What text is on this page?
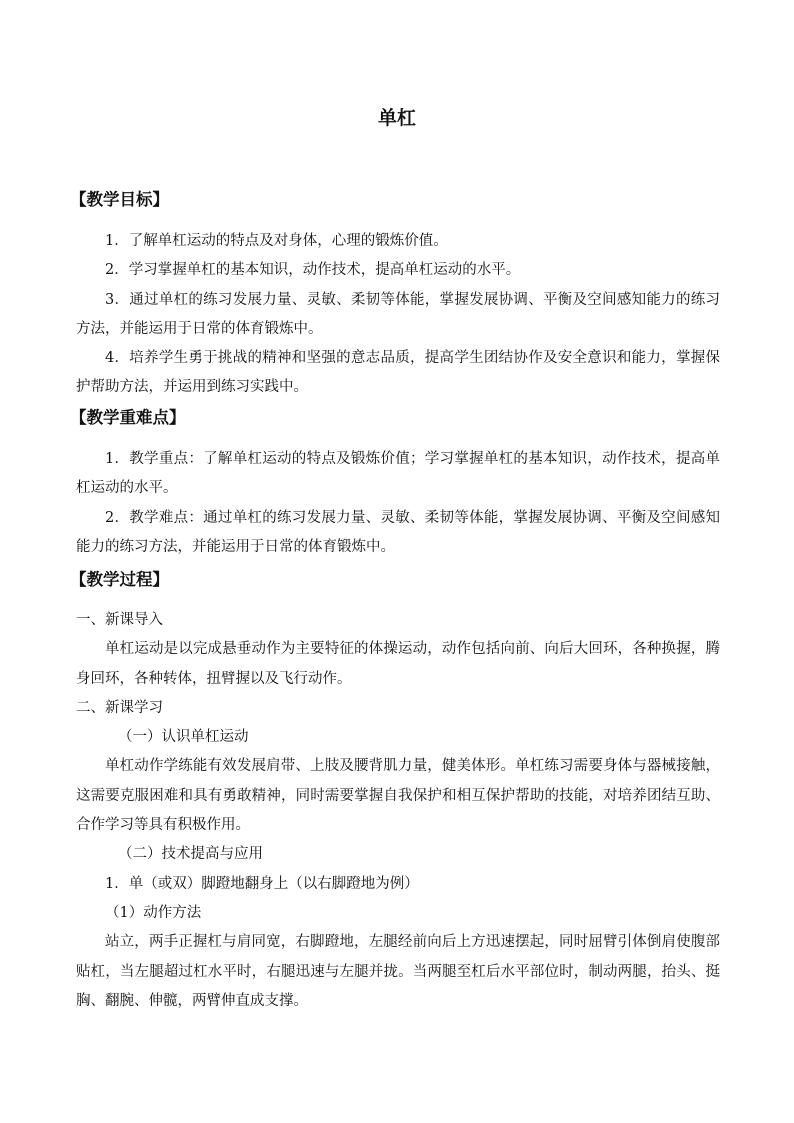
单杠
【教学目标】

1．了解单杠运动的特点及对身体，心理的锻炼价值。

2．学习掌握单杠的基本知识，动作技术，提高单杠运动的水平。

3．通过单杠的练习发展力量、灵敏、柔韧等体能，掌握发展协调、平衡及空间感知能力的练习方法，并能运用于日常的体育锻炼中。

4．培养学生勇于挑战的精神和坚强的意志品质，提高学生团结协作及安全意识和能力，掌握保护帮助方法，并运用到练习实践中。

【教学重难点】

1．教学重点：了解单杠运动的特点及锻炼价值；学习掌握单杠的基本知识，动作技术，提高单杠运动的水平。

2．教学难点：通过单杠的练习发展力量、灵敏、柔韧等体能，掌握发展协调、平衡及空间感知能力的练习方法，并能运用于日常的体育锻炼中。

【教学过程】

一、新课导入

单杠运动是以完成悬垂动作为主要特征的体操运动，动作包括向前、向后大回环，各种换握，腾身回环，各种转体，扭臂握以及飞行动作。

二、新课学习

（一）认识单杠运动

单杠动作学练能有效发展肩带、上肢及腰背肌力量，健美体形。单杠练习需要身体与器械接触，这需要克服困难和具有勇敢精神，同时需要掌握自我保护和相互保护帮助的技能，对培养团结互助、合作学习等具有积极作用。

（二）技术提高与应用

1．单（或双）脚蹬地翻身上（以右脚蹬地为例）

（1）动作方法

站立，两手正握杠与肩同宽，右脚蹬地，左腿经前向后上方迅速摆起，同时屈臂引体倒肩使腹部贴杠，当左腿超过杠水平时，右腿迅速与左腿并拢。当两腿至杠后水平部位时，制动两腿，抬头、挺胸、翻腕、伸髋，两臂伸直成支撑。
